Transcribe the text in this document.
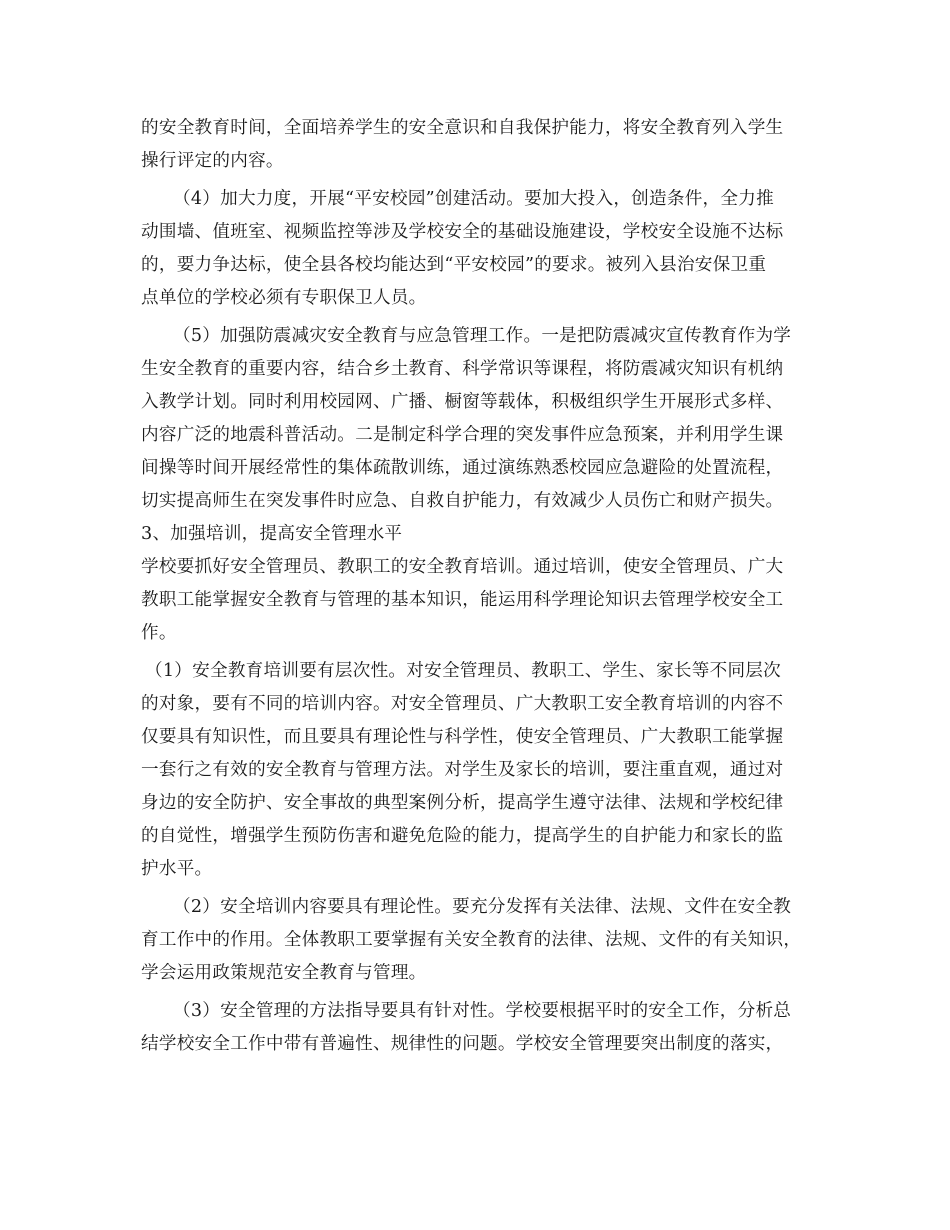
的安全教育时间，全面培养学生的安全意识和自我保护能力，将安全教育列入学生
操行评定的内容。
（4）加大力度，开展“平安校园”创建活动。要加大投入，创造条件，全力推
动围墙、值班室、视频监控等涉及学校安全的基础设施建设，学校安全设施不达标
的，要力争达标，使全县各校均能达到“平安校园”的要求。被列入县治安保卫重
点单位的学校必须有专职保卫人员。
（5）加强防震减灾安全教育与应急管理工作。一是把防震减灾宣传教育作为学
生安全教育的重要内容，结合乡土教育、科学常识等课程，将防震减灾知识有机纳
入教学计划。同时利用校园网、广播、橱窗等载体，积极组织学生开展形式多样、
内容广泛的地震科普活动。二是制定科学合理的突发事件应急预案，并利用学生课
间操等时间开展经常性的集体疏散训练，通过演练熟悉校园应急避险的处置流程，
切实提高师生在突发事件时应急、自救自护能力，有效减少人员伤亡和财产损失。
3、加强培训，提高安全管理水平
学校要抓好安全管理员、教职工的安全教育培训。通过培训，使安全管理员、广大
教职工能掌握安全教育与管理的基本知识，能运用科学理论知识去管理学校安全工
作。
（1）安全教育培训要有层次性。对安全管理员、教职工、学生、家长等不同层次
的对象，要有不同的培训内容。对安全管理员、广大教职工安全教育培训的内容不
仅要具有知识性，而且要具有理论性与科学性，使安全管理员、广大教职工能掌握
一套行之有效的安全教育与管理方法。对学生及家长的培训，要注重直观，通过对
身边的安全防护、安全事故的典型案例分析，提高学生遵守法律、法规和学校纪律
的自觉性，增强学生预防伤害和避免危险的能力，提高学生的自护能力和家长的监
护水平。
（2）安全培训内容要具有理论性。要充分发挥有关法律、法规、文件在安全教
育工作中的作用。全体教职工要掌握有关安全教育的法律、法规、文件的有关知识，
学会运用政策规范安全教育与管理。
（3）安全管理的方法指导要具有针对性。学校要根据平时的安全工作，分析总
结学校安全工作中带有普遍性、规律性的问题。学校安全管理要突出制度的落实，
